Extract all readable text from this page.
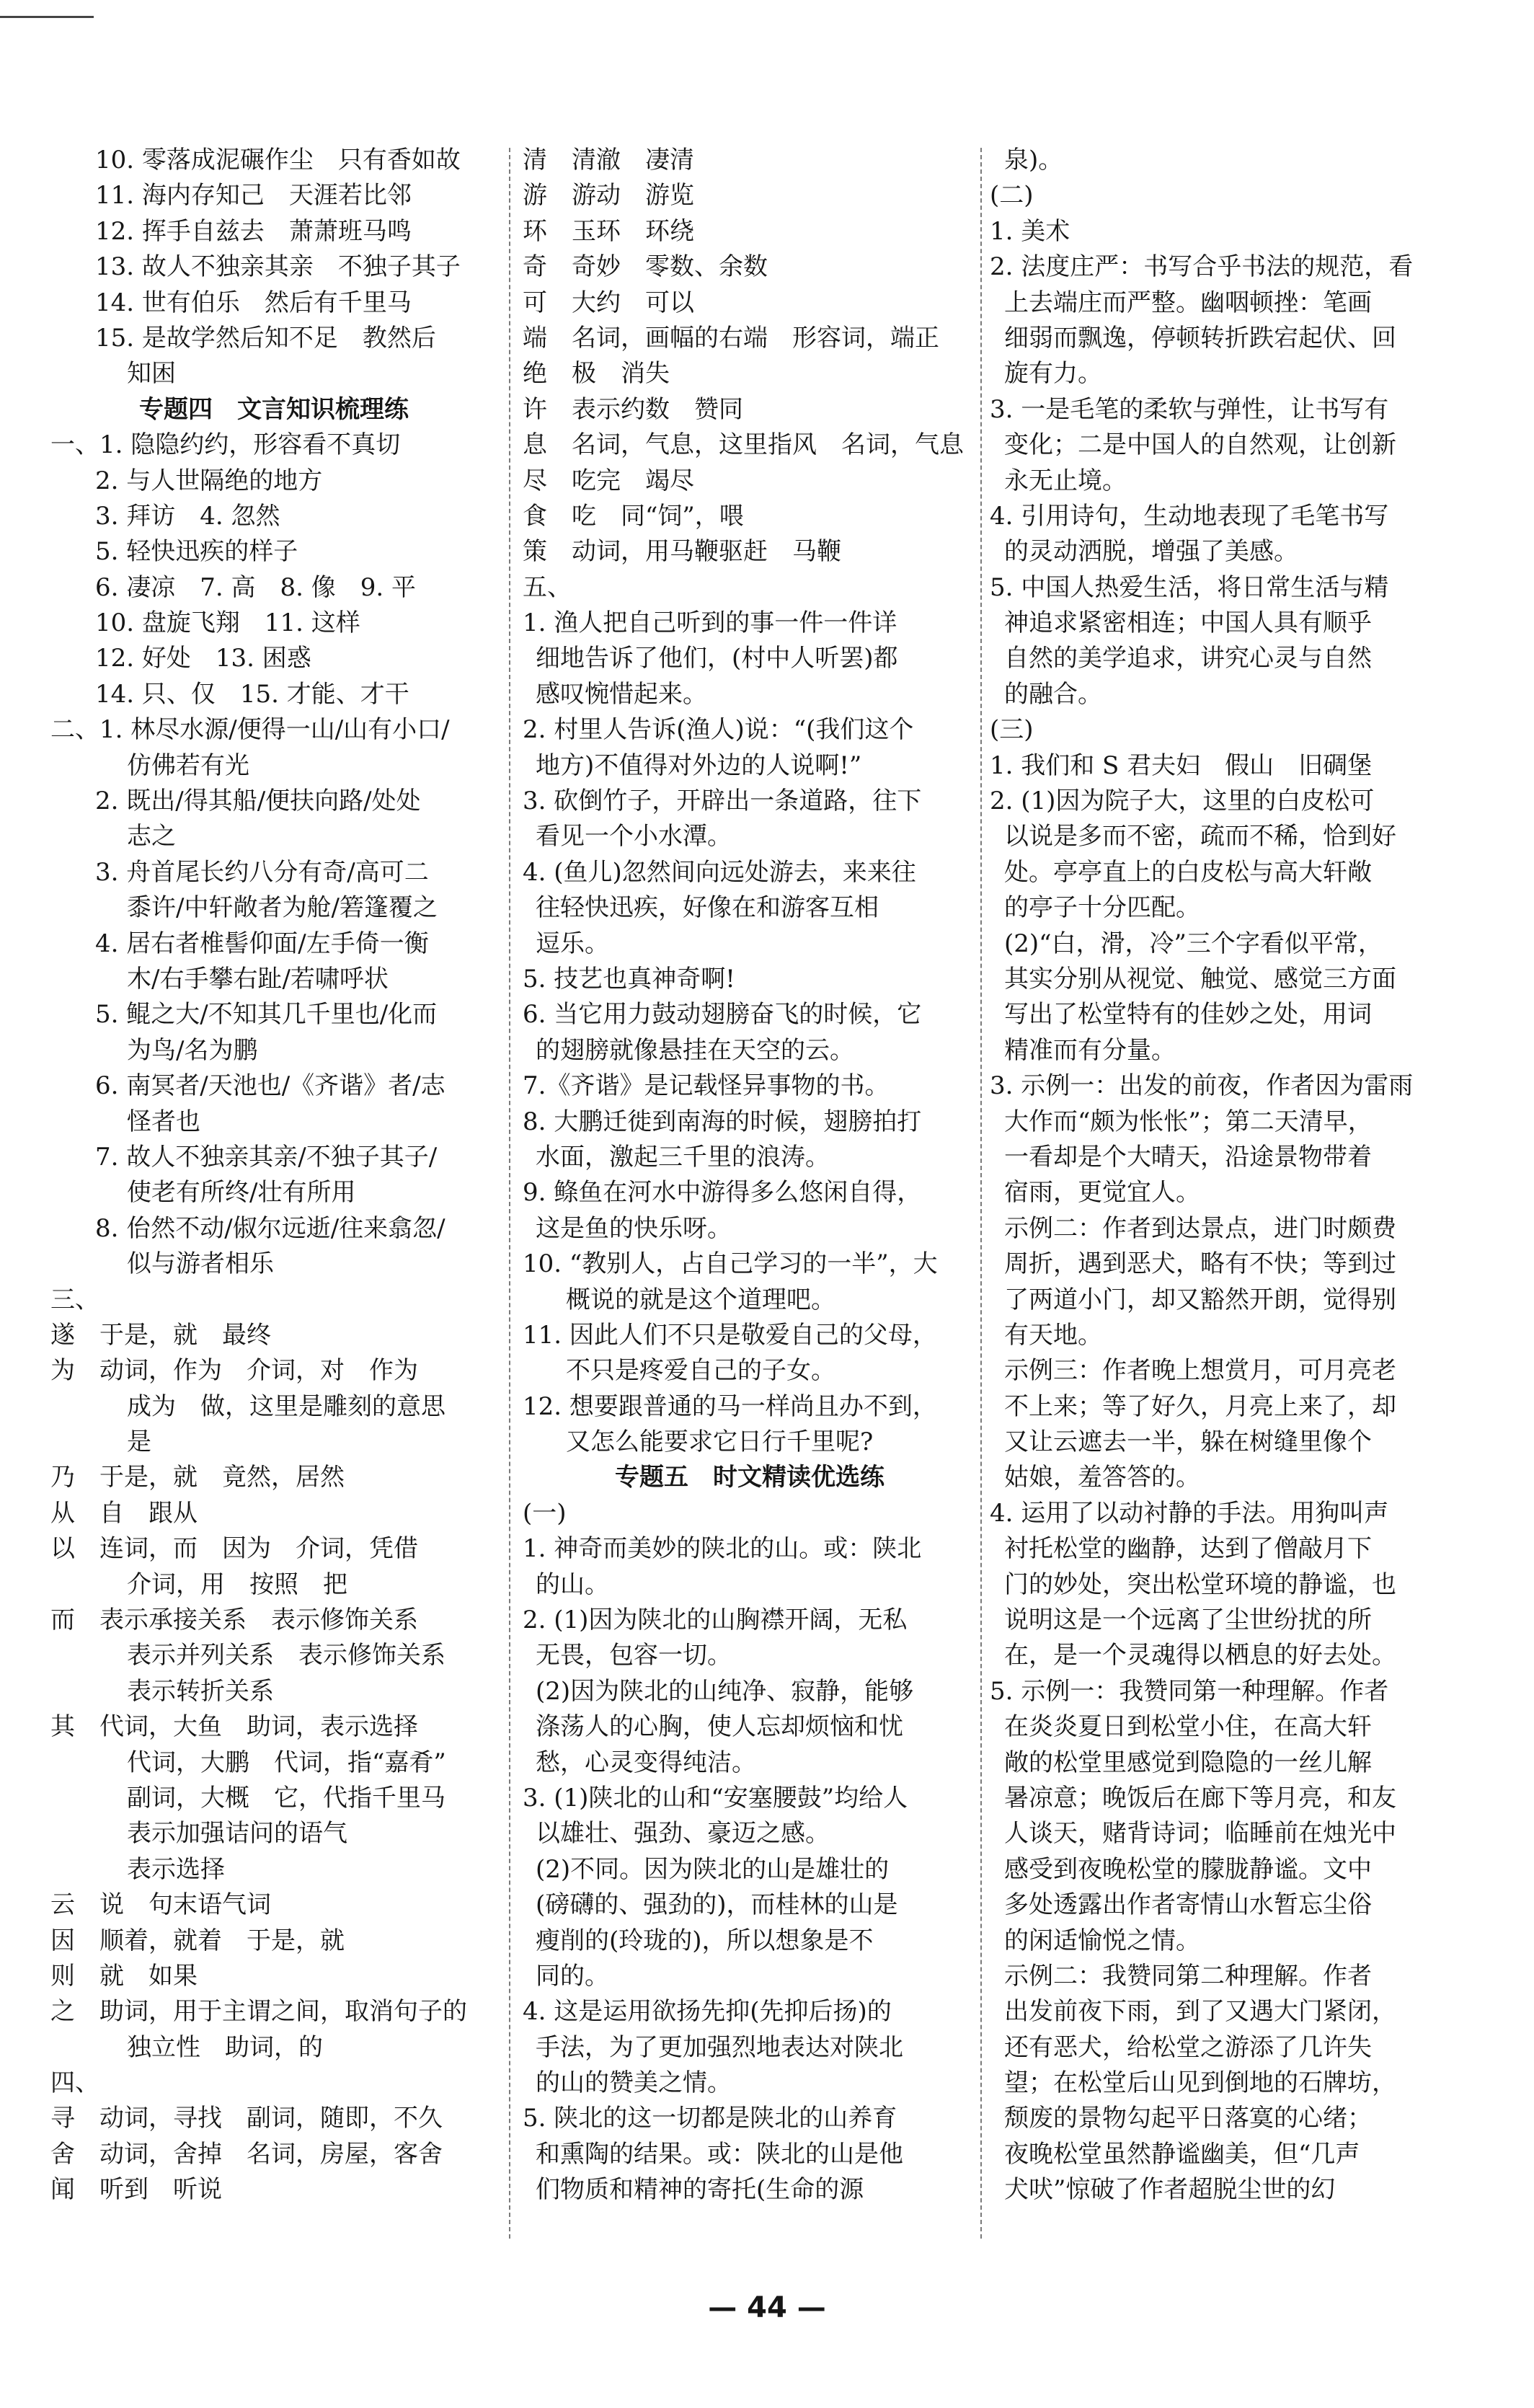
10. 零落成泥碾作尘　只有香如故
11. 海内存知己　天涯若比邻
12. 挥手自兹去　萧萧班马鸣
13. 故人不独亲其亲　不独子其子
14. 世有伯乐　然后有千里马
15. 是故学然后知不足　教然后
知困
专题四　文言知识梳理练
一、1. 隐隐约约，形容看不真切
2. 与人世隔绝的地方
3. 拜访　4. 忽然
5. 轻快迅疾的样子
6. 凄凉　7. 高　8. 像　9. 平
10. 盘旋飞翔　11. 这样
12. 好处　13. 困惑
14. 只、仅　15. 才能、才干
二、1. 林尽水源/便得一山/山有小口/
仿佛若有光
2. 既出/得其船/便扶向路/处处
志之
3. 舟首尾长约八分有奇/高可二
黍许/中轩敞者为舱/箬篷覆之
4. 居右者椎髻仰面/左手倚一衡
木/右手攀右趾/若啸呼状
5. 鲲之大/不知其几千里也/化而
为鸟/名为鹏
6. 南冥者/天池也/《齐谐》者/志
怪者也
7. 故人不独亲其亲/不独子其子/
使老有所终/壮有所用
8. 佁然不动/俶尔远逝/往来翕忽/
似与游者相乐
三、
遂　于是，就　最终
为　动词，作为　介词，对　作为
成为　做，这里是雕刻的意思
是
乃　于是，就　竟然，居然
从　自　跟从
以　连词，而　因为　介词，凭借
介词，用　按照　把
而　表示承接关系　表示修饰关系
表示并列关系　表示修饰关系
表示转折关系
其　代词，大鱼　助词，表示选择
代词，大鹏　代词，指“嘉肴”
副词，大概　它，代指千里马
表示加强诘问的语气
表示选择
云　说　句末语气词
因　顺着，就着　于是，就
则　就　如果
之　助词，用于主谓之间，取消句子的
独立性　助词，的
四、
寻　动词，寻找　副词，随即，不久
舍　动词，舍掉　名词，房屋，客舍
闻　听到　听说
清　清澈　凄清
游　游动　游览
环　玉环　环绕
奇　奇妙　零数、余数
可　大约　可以
端　名词，画幅的右端　形容词，端正
绝　极　消失
许　表示约数　赞同
息　名词，气息，这里指风　名词，气息
尽　吃完　竭尽
食　吃　同“饲”，喂
策　动词，用马鞭驱赶　马鞭
五、
1. 渔人把自己听到的事一件一件详
细地告诉了他们，(村中人听罢)都
感叹惋惜起来。
2. 村里人告诉(渔人)说：“(我们这个
地方)不值得对外边的人说啊!”
3. 砍倒竹子，开辟出一条道路，往下
看见一个小水潭。
4. (鱼儿)忽然间向远处游去，来来往
往轻快迅疾，好像在和游客互相
逗乐。
5. 技艺也真神奇啊!
6. 当它用力鼓动翅膀奋飞的时候，它
的翅膀就像悬挂在天空的云。
7.《齐谐》是记载怪异事物的书。
8. 大鹏迁徙到南海的时候，翅膀拍打
水面，激起三千里的浪涛。
9. 鲦鱼在河水中游得多么悠闲自得，
这是鱼的快乐呀。
10. “教别人，占自己学习的一半”，大
概说的就是这个道理吧。
11. 因此人们不只是敬爱自己的父母，
不只是疼爱自己的子女。
12. 想要跟普通的马一样尚且办不到，
又怎么能要求它日行千里呢?
专题五　时文精读优选练
(一)
1. 神奇而美妙的陕北的山。或：陕北
的山。
2. (1)因为陕北的山胸襟开阔，无私
无畏，包容一切。
(2)因为陕北的山纯净、寂静，能够
涤荡人的心胸，使人忘却烦恼和忧
愁，心灵变得纯洁。
3. (1)陕北的山和“安塞腰鼓”均给人
以雄壮、强劲、豪迈之感。
(2)不同。因为陕北的山是雄壮的
(磅礴的、强劲的)，而桂林的山是
瘦削的(玲珑的)，所以想象是不
同的。
4. 这是运用欲扬先抑(先抑后扬)的
手法，为了更加强烈地表达对陕北
的山的赞美之情。
5. 陕北的这一切都是陕北的山养育
和熏陶的结果。或：陕北的山是他
们物质和精神的寄托(生命的源
泉)。
(二)
1. 美术
2. 法度庄严：书写合乎书法的规范，看
上去端庄而严整。幽咽顿挫：笔画
细弱而飘逸，停顿转折跌宕起伏、回
旋有力。
3. 一是毛笔的柔软与弹性，让书写有
变化；二是中国人的自然观，让创新
永无止境。
4. 引用诗句，生动地表现了毛笔书写
的灵动洒脱，增强了美感。
5. 中国人热爱生活，将日常生活与精
神追求紧密相连；中国人具有顺乎
自然的美学追求，讲究心灵与自然
的融合。
(三)
1. 我们和 S 君夫妇　假山　旧碉堡
2. (1)因为院子大，这里的白皮松可
以说是多而不密，疏而不稀，恰到好
处。亭亭直上的白皮松与高大轩敞
的亭子十分匹配。
(2)“白，滑，冷”三个字看似平常，
其实分别从视觉、触觉、感觉三方面
写出了松堂特有的佳妙之处，用词
精准而有分量。
3. 示例一：出发的前夜，作者因为雷雨
大作而“颇为怅怅”；第二天清早，
一看却是个大晴天，沿途景物带着
宿雨，更觉宜人。
示例二：作者到达景点，进门时颇费
周折，遇到恶犬，略有不快；等到过
了两道小门，却又豁然开朗，觉得别
有天地。
示例三：作者晚上想赏月，可月亮老
不上来；等了好久，月亮上来了，却
又让云遮去一半，躲在树缝里像个
姑娘，羞答答的。
4. 运用了以动衬静的手法。用狗叫声
衬托松堂的幽静，达到了僧敲月下
门的妙处，突出松堂环境的静谧，也
说明这是一个远离了尘世纷扰的所
在，是一个灵魂得以栖息的好去处。
5. 示例一：我赞同第一种理解。作者
在炎炎夏日到松堂小住，在高大轩
敞的松堂里感觉到隐隐的一丝儿解
暑凉意；晚饭后在廊下等月亮，和友
人谈天，赌背诗词；临睡前在烛光中
感受到夜晚松堂的朦胧静谧。文中
多处透露出作者寄情山水暂忘尘俗
的闲适愉悦之情。
示例二：我赞同第二种理解。作者
出发前夜下雨，到了又遇大门紧闭，
还有恶犬，给松堂之游添了几许失
望；在松堂后山见到倒地的石牌坊，
颓废的景物勾起平日落寞的心绪；
夜晚松堂虽然静谧幽美，但“几声
犬吠”惊破了作者超脱尘世的幻
— 44 —
